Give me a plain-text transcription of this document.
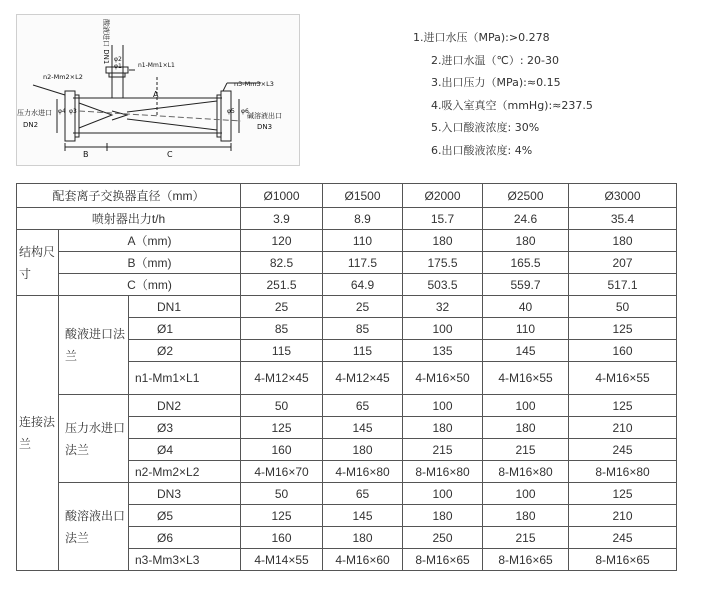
酸液进口 DN1 φ2
φ1	n1-Mm1×L1
n2-Mm2×L2
压力水进口
DN2
φ4 φ3
n3-Mm3×L3
碱溶液出口
DN3
φ6
φ5
A
B	C
1.进口水压（MPa):>0.278
2.进口水温（℃）: 20-30
3.出口压力（MPa):≈0.15
4.吸入室真空（mmHg):≈237.5
5.入口酸液浓度: 30%
6.出口酸液浓度: 4%
配套离子交换器直径（mm）			Ø1000	Ø1500	Ø2000	Ø2500	Ø3000
喷射器出力t/h			3.9	8.9	15.7	24.6	35.4
结构尺寸	A（mm)		120	110	180	180	180
	B（mm)		82.5	117.5	175.5	165.5	207
	C（mm)		251.5	64.9	503.5	559.7	517.1
连接法兰	酸液进口法兰	DN1	25	25	32	40	50
		Ø1	85	85	100	110	125
		Ø2	115	115	135	145	160
		n1-Mm1×L1	4-M12×45	4-M12×45	4-M16×50	4-M16×55	4-M16×55
	压力水进口法兰	DN2	50	65	100	100	125
		Ø3	125	145	180	180	210
		Ø4	160	180	215	215	245
		n2-Mm2×L2	4-M16×70	4-M16×80	8-M16×80	8-M16×80	8-M16×80
	酸溶液出口法兰	DN3	50	65	100	100	125
		Ø5	125	145	180	180	210
		Ø6	160	180	250	215	245
		n3-Mm3×L3	4-M14×55	4-M16×60	8-M16×65	8-M16×65	8-M16×65
